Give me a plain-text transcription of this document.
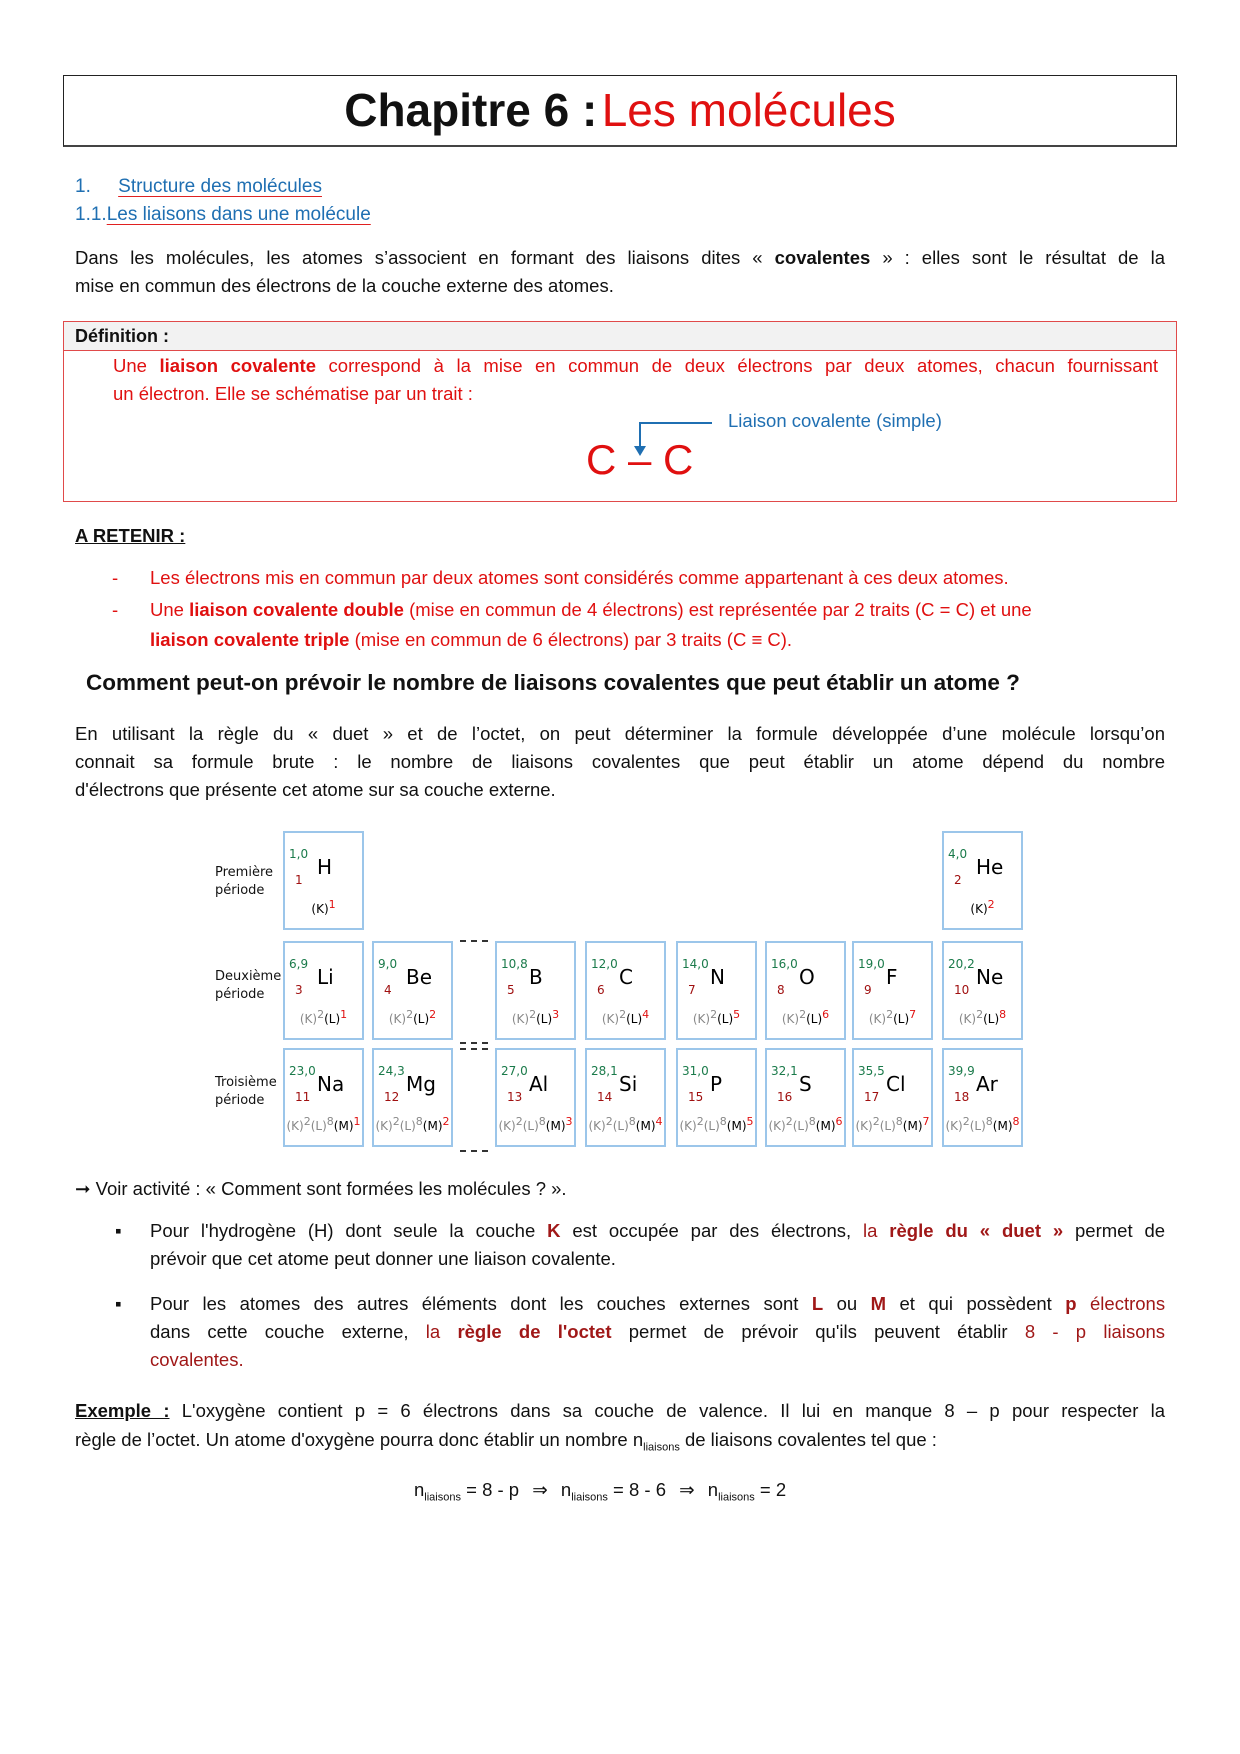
Chapitre 6 : Les molécules
1. Structure des molécules
1.1.Les liaisons dans une molécule
Dans les molécules, les atomes s’associent en formant des liaisons dites « covalentes » : elles sont le résultat de la
mise en commun des électrons de la couche externe des atomes.
Définition :
Une liaison covalente correspond à la mise en commun de deux électrons par deux atomes, chacun fournissant
un électron. Elle se schématise par un trait :
Liaison covalente (simple)
C – C
A RETENIR :
- Les électrons mis en commun par deux atomes sont considérés comme appartenant à ces deux atomes.
- Une liaison covalente double (mise en commun de 4 électrons) est représentée par 2 traits (C = C) et une
liaison covalente triple (mise en commun de 6 électrons) par 3 traits (C ≡ C).
Comment peut-on prévoir le nombre de liaisons covalentes que peut établir un atome ?
En utilisant la règle du « duet » et de l’octet, on peut déterminer la formule développée d’une molécule lorsqu’on
connait sa formule brute : le nombre de liaisons covalentes que peut établir un atome dépend du nombre
d'électrons que présente cet atome sur sa couche externe.
Première
période
Deuxième
période
Troisième
période
1,0
H
1
$(K)^1$
4,0
He
2
$(K)^2$
6,9
Li
3
$(K)^2(L)^1$
9,0
Be
4
$(K)^2(L)^2$
10,8
B
5
$(K)^2(L)^3$
12,0
C
6
$(K)^2(L)^4$
14,0
N
7
$(K)^2(L)^5$
16,0
O
8
$(K)^2(L)^6$
19,0
F
9
$(K)^2(L)^7$
20,2
Ne
10
$(K)^2(L)^8$
23,0
Na
11
$(K)^2(L)^8(M)^1$
24,3
Mg
12
$(K)^2(L)^8(M)^2$
27,0
Al
13
$(K)^2(L)^8(M)^3$
28,1
Si
14
$(K)^2(L)^8(M)^4$
31,0
P
15
$(K)^2(L)^8(M)^5$
32,1
S
16
$(K)^2(L)^8(M)^6$
35,5
Cl
17
$(K)^2(L)^8(M)^7$
39,9
Ar
18
$(K)^2(L)^8(M)^8$
➞ Voir activité : « Comment sont formées les molécules ? ».
▪ Pour l'hydrogène (H) dont seule la couche K est occupée par des électrons, la règle du « duet » permet de
prévoir que cet atome peut donner une liaison covalente.
▪ Pour les atomes des autres éléments dont les couches externes sont L ou M et qui possèdent p électrons
dans cette couche externe, la règle de l'octet permet de prévoir qu'ils peuvent établir 8 - p liaisons
covalentes.
Exemple : L'oxygène contient p = 6 électrons dans sa couche de valence. Il lui en manque 8 – p pour respecter la
règle de l’octet. Un atome d'oxygène pourra donc établir un nombre $n_{liaisons}$ de liaisons covalentes tel que :
$n_{liaisons} = 8 - p$ ⇒ $n_{liaisons} = 8 - 6$ ⇒ $n_{liaisons} = 2$
